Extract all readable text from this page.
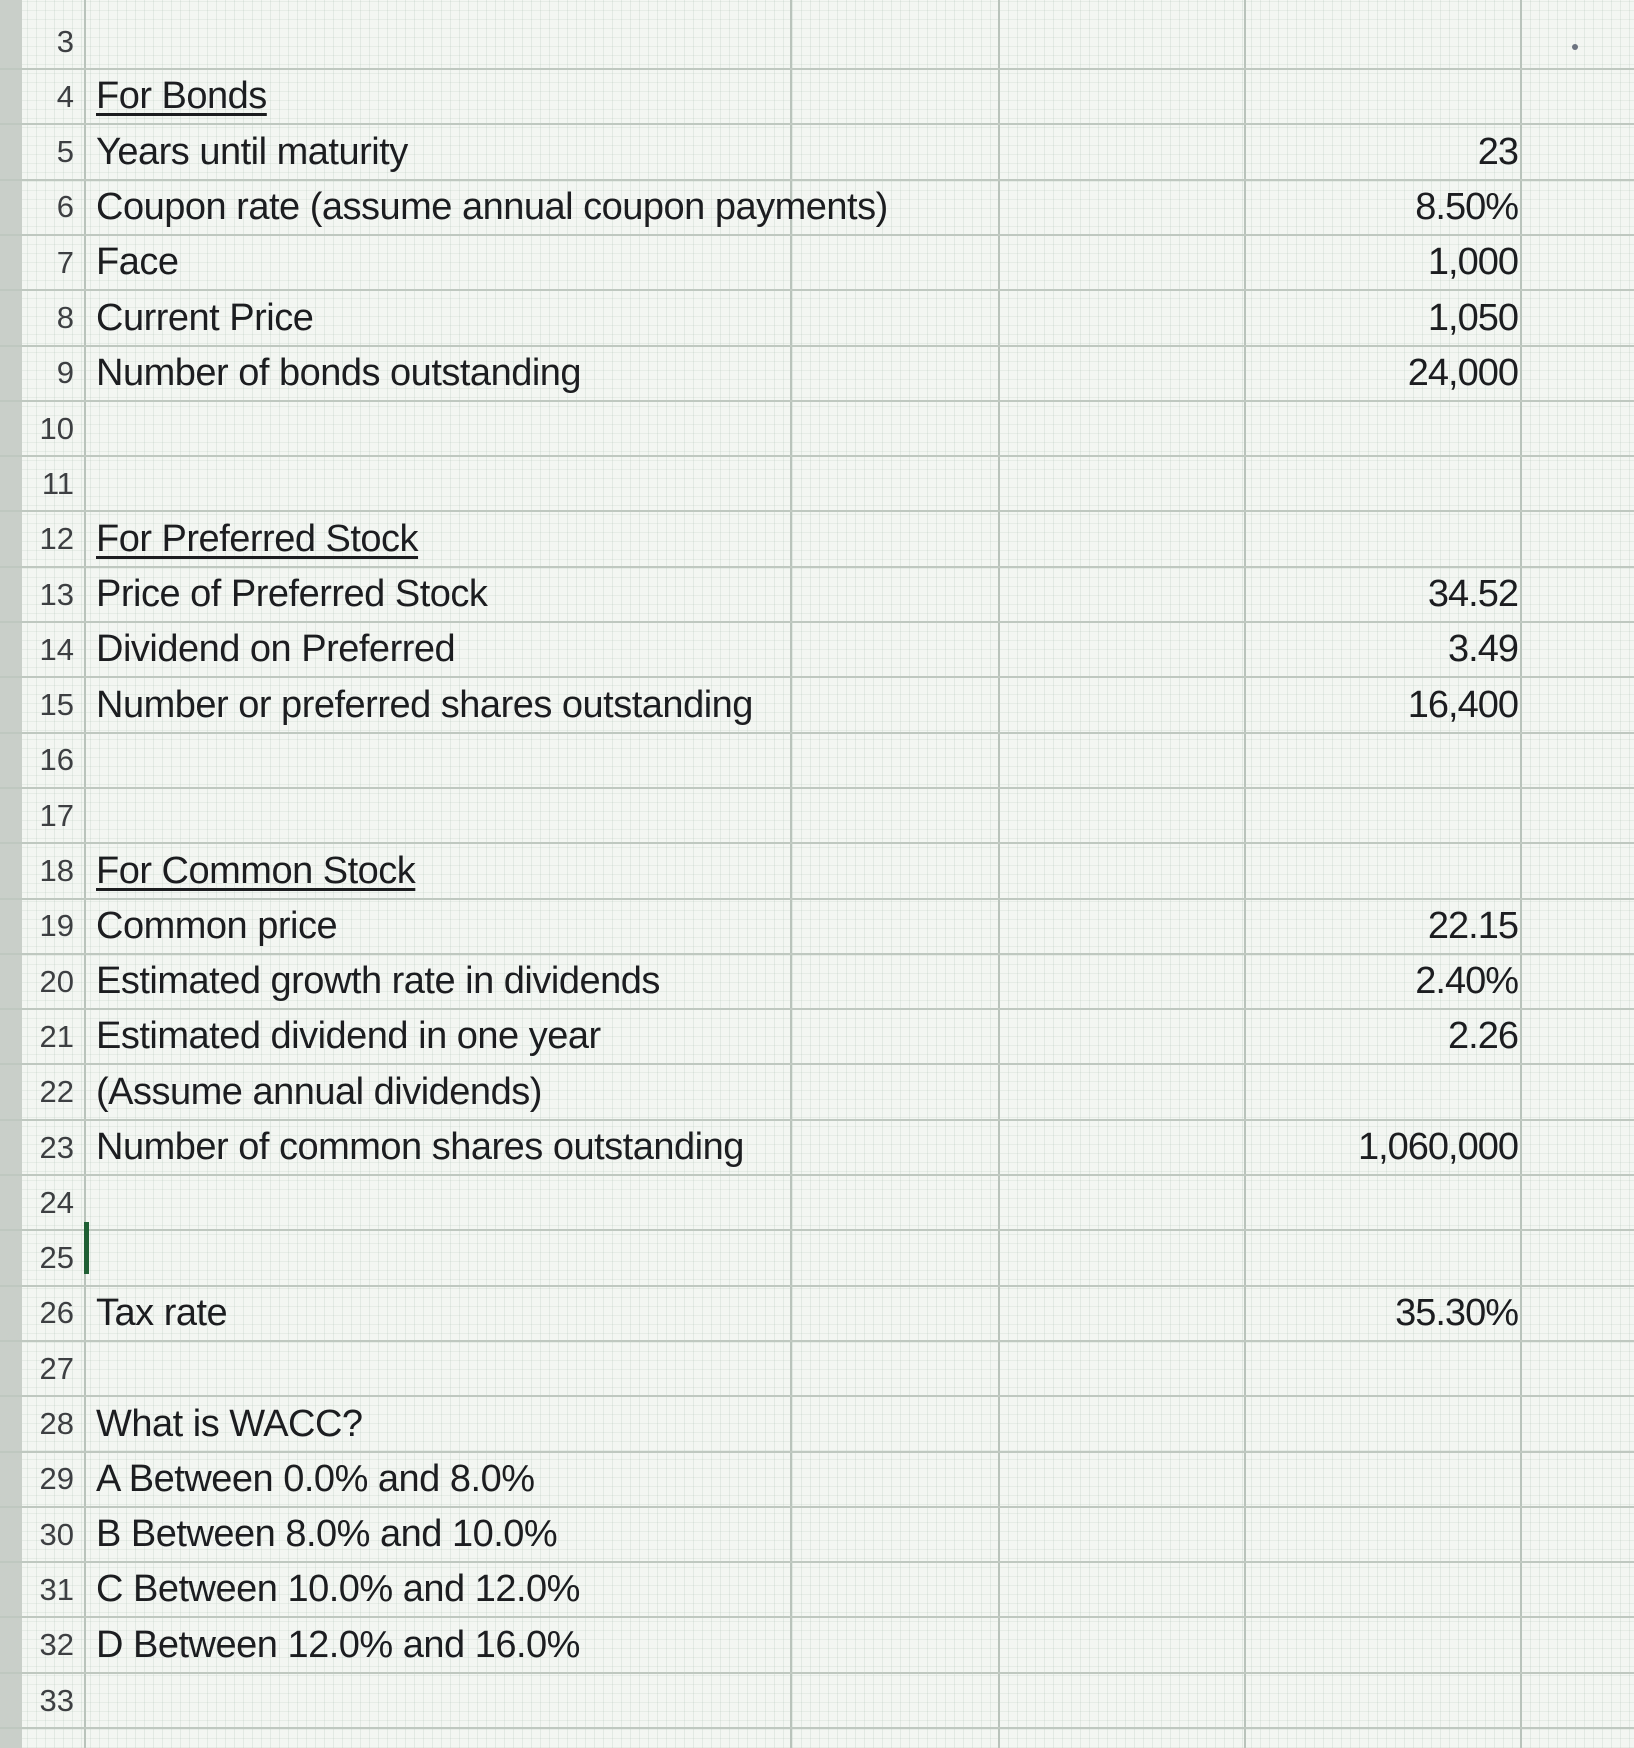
3
4 For Bonds
5 Years until maturity	23
6 Coupon rate (assume annual coupon payments)	8.50%
7 Face	1,000
8 Current Price	1,050
9 Number of bonds outstanding	24,000
10
11
12 For Preferred Stock
13 Price of Preferred Stock	34.52
14 Dividend on Preferred	3.49
15 Number or preferred shares outstanding	16,400
16
17
18 For Common Stock
19 Common price	22.15
20 Estimated growth rate in dividends	2.40%
21 Estimated dividend in one year	2.26
22 (Assume annual dividends)
23 Number of common shares outstanding	1,060,000
24
25
26 Tax rate	35.30%
27
28 What is WACC?
29 A Between 0.0% and 8.0%
30 B Between 8.0% and 10.0%
31 C Between 10.0% and 12.0%
32 D Between 12.0% and 16.0%
33
